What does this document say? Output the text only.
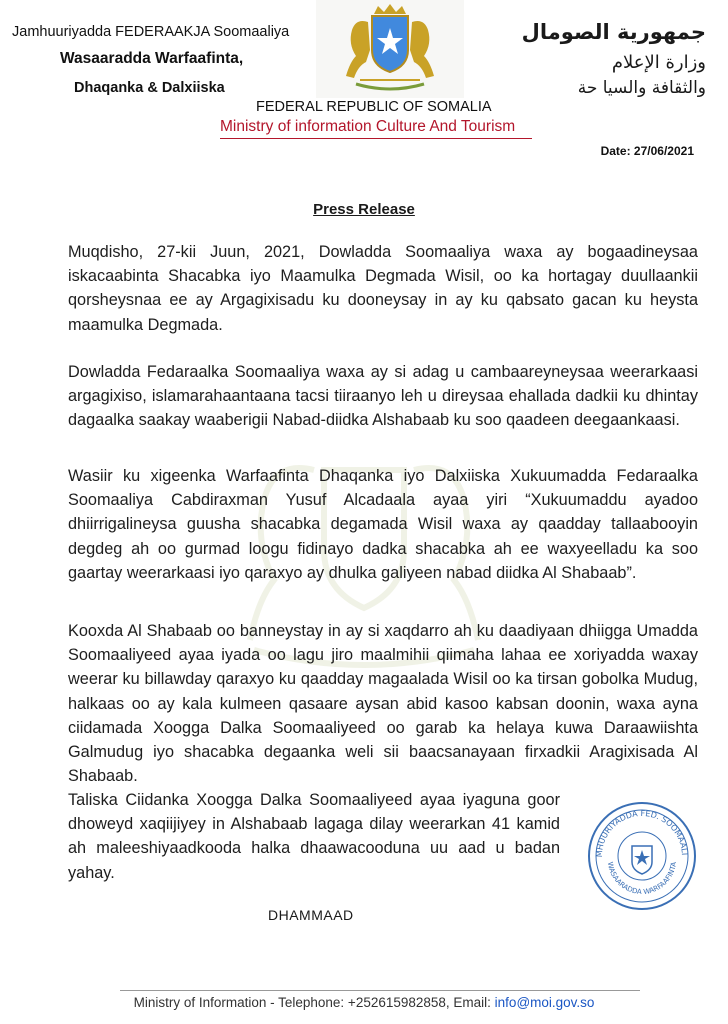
Jamhuuriyadda FEDERAAKJA Soomaaliya
Wasaaradda Warfaafinta,
Dhaqanka & Dalxiiska
جمهورية الصومال
وزارة الإعلام
والثقافة والسيا حة
FEDERAL REPUBLIC OF SOMALIA
Ministry of information Culture And Tourism
Date: 27/06/2021
Press Release
Muqdisho, 27-kii Juun, 2021, Dowladda Soomaaliya waxa ay bogaadineysaa iskacaabinta Shacabka iyo Maamulka Degmada Wisil, oo ka hortagay duullaankii qorsheysnaa ee ay Argagixisadu ku dooneysay in ay ku qabsato gacan ku heysta maamulka Degmada.
Dowladda Fedaraalka Soomaaliya waxa ay si adag u cambaareyneysaa weerarkaasi argagixiso, islamarahaantaana tacsi tiiraanyo leh u direysaa ehallada dadkii ku dhintay dagaalka saakay waaberigii Nabad-diidka Alshabaab ku soo qaadeen deegaankaasi.
Wasiir ku xigeenka Warfaafinta Dhaqanka iyo Dalxiiska Xukuumadda Fedaraalka Soomaaliya Cabdiraxman Yusuf Alcadaala ayaa yiri “Xukuumaddu ayadoo dhiirrigalineysa guusha shacabka degamada Wisil waxa ay qaadday tallaabooyin degdeg ah oo gurmad loogu fidinayo dadka shacabka ah ee waxyeelladu ka soo gaartay weerarkaasi iyo qaraxyo ay dhulka galiyeen nabad diidka Al Shabaab”.
Kooxda Al Shabaab oo banneystay in ay si xaqdarro ah ku daadiyaan dhiigga Umadda Soomaaliyeed ayaa iyada oo lagu jiro maalmihii qiimaha lahaa ee xoriyadda waxay weerar ku billawday qaraxyo ku qaadday magaalada Wisil oo ka tirsan gobolka Mudug, halkaas oo ay kala kulmeen qasaare aysan abid kasoo kabsan doonin, waxa ayna ciidamada Xoogga Dalka Soomaaliyeed oo garab ka helaya kuwa Daraawiishta Galmudug iyo shacabka degaanka weli sii baacsanayaan firxadkii Aragixisada Al Shabaab.
Taliska Ciidanka Xoogga Dalka Soomaaliyeed ayaa iyaguna goor dhoweyd xaqiijiyey in Alshabaab lagaga dilay weerarkan 41 kamid ah maleeshiyaadkooda halka dhaawacooduna uu aad u badan yahay.
DHAMMAAD
MHUURIYADDA FED. SOOMAALI
WASAARADDA WARFAAFINTA
Ministry of Information - Telephone: +252615982858, Email: info@moi.gov.so
